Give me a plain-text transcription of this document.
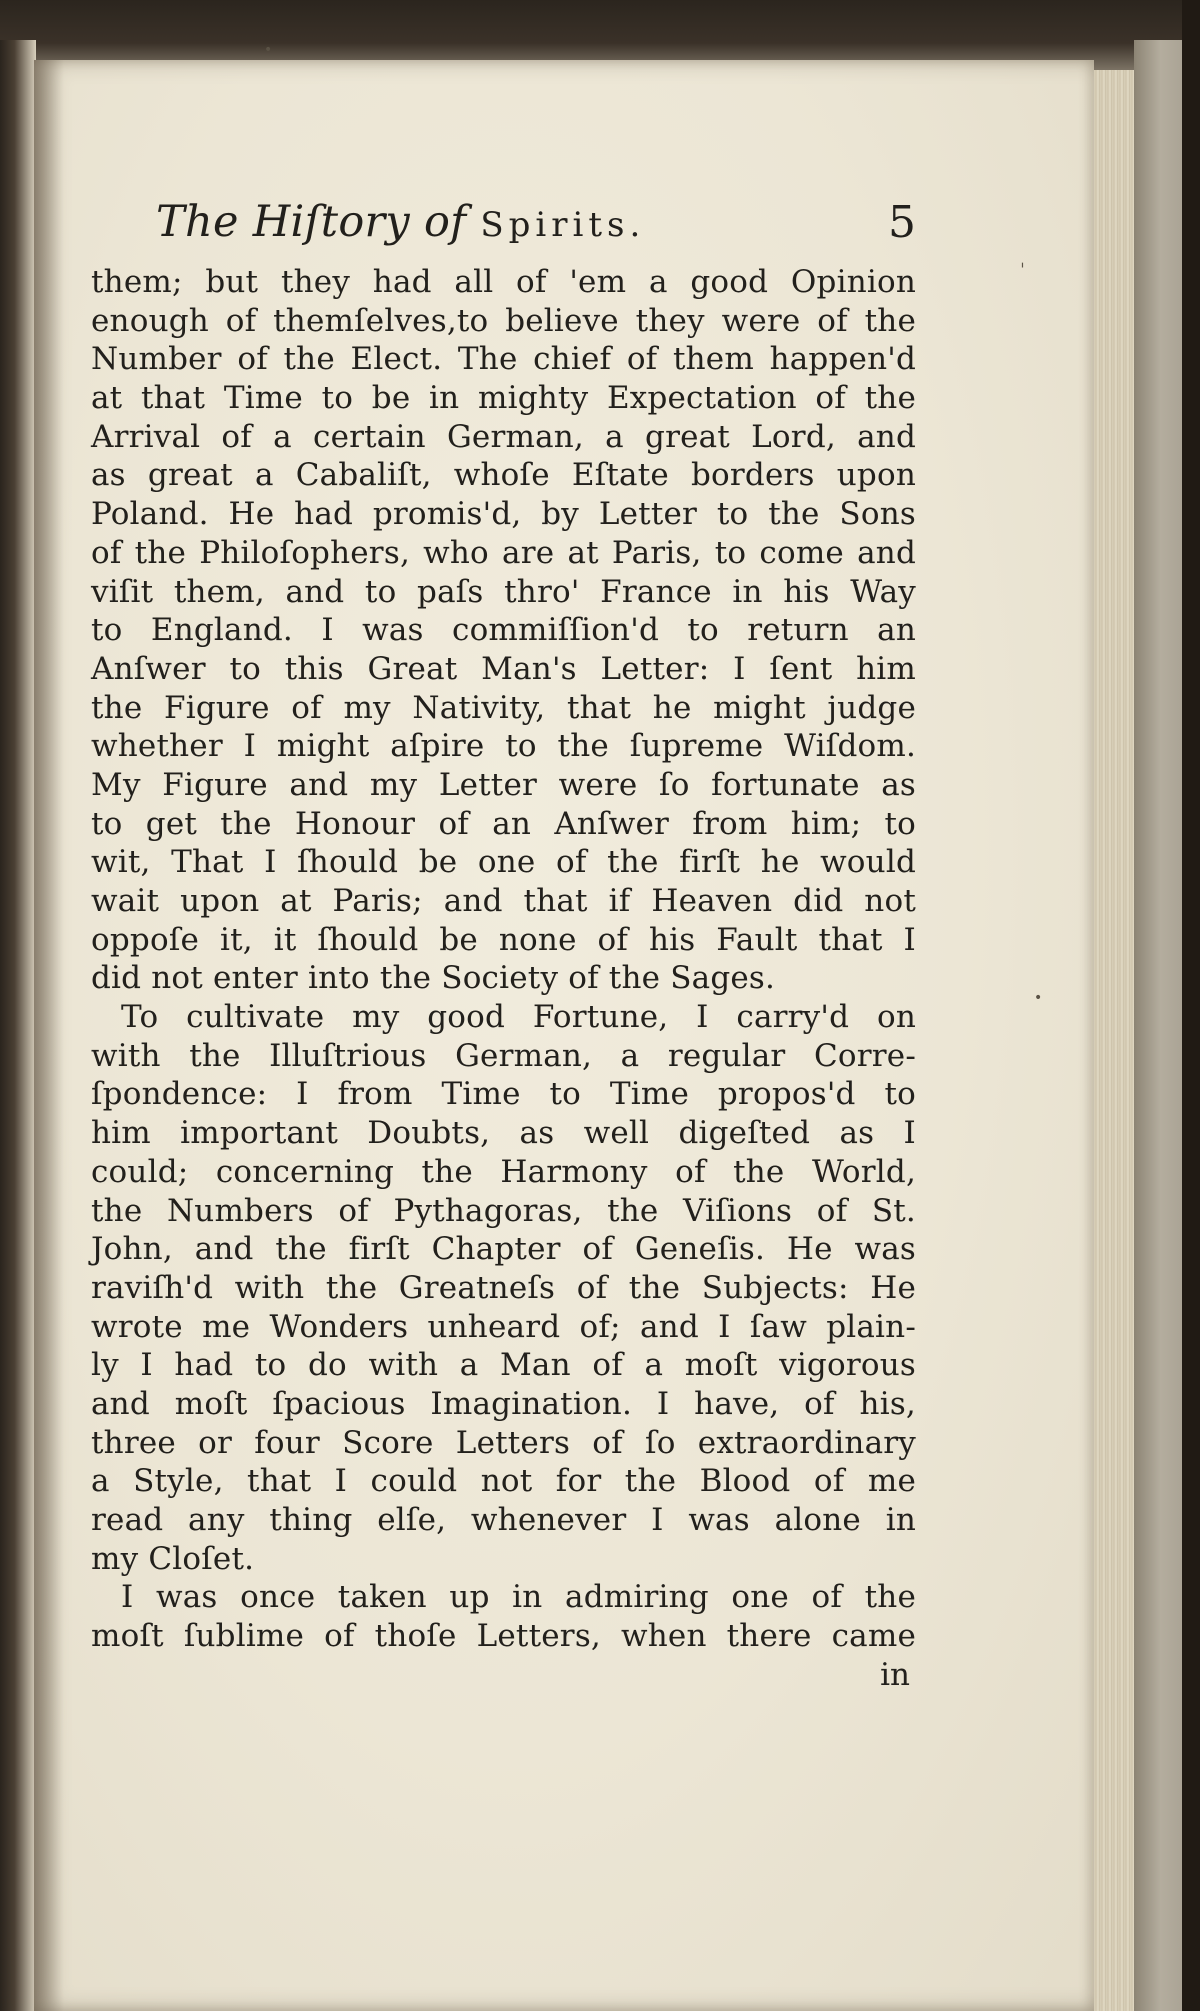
•
ˈ
•
The Hiſtory of Spirits.	5
them; but they had all of 'em a good Opinion
enough of themſelves,to believe they were of the
Number of the Elect. The chief of them happen'd
at that Time to be in mighty Expectation of the
Arrival of a certain German, a great Lord, and
as great a Cabaliſt, whoſe Eſtate borders upon
Poland. He had promis'd, by Letter to the Sons
of the Philoſophers, who are at Paris, to come and
viſit them, and to paſs thro' France in his Way
to England. I was commiſſion'd to return an
Anſwer to this Great Man's Letter: I ſent him
the Figure of my Nativity, that he might judge
whether I might aſpire to the ſupreme Wiſdom.
My Figure and my Letter were ſo fortunate as
to get the Honour of an Anſwer from him; to
wit, That I ſhould be one of the firſt he would
wait upon at Paris; and that if Heaven did not
oppoſe it, it ſhould be none of his Fault that I
did not enter into the Society of the Sages.
To cultivate my good Fortune, I carry'd on
with the Illuſtrious German, a regular Corre-
ſpondence: I from Time to Time propos'd to
him important Doubts, as well digeſted as I
could; concerning the Harmony of the World,
the Numbers of Pythagoras, the Viſions of St.
John, and the firſt Chapter of Geneſis. He was
raviſh'd with the Greatneſs of the Subjects: He
wrote me Wonders unheard of; and I ſaw plain-
ly I had to do with a Man of a moſt vigorous
and moſt ſpacious Imagination. I have, of his,
three or four Score Letters of ſo extraordinary
a Style, that I could not for the Blood of me
read any thing elſe, whenever I was alone in
my Cloſet.
I was once taken up in admiring one of the
moſt ſublime of thoſe Letters, when there came
in
